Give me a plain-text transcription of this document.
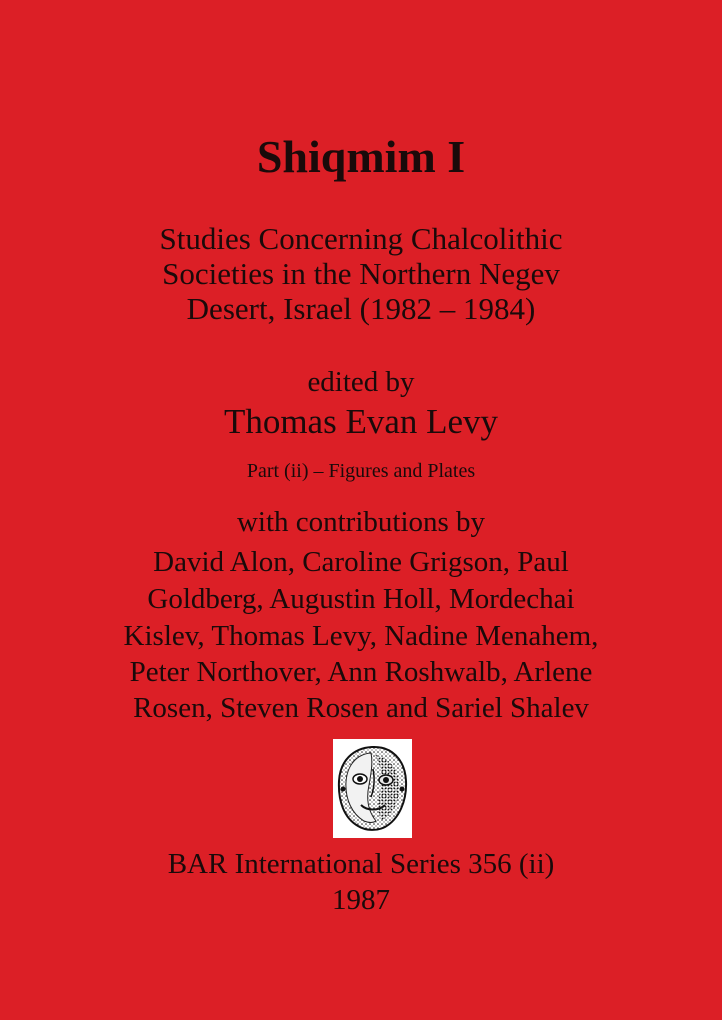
Shiqmim I

Studies Concerning Chalcolithic

Societies in the Northern Negev

Desert, Israel (1982 – 1984)

edited by

Thomas Evan Levy

Part (ii) – Figures and Plates

with contributions by

David Alon, Caroline Grigson, Paul

Goldberg, Augustin Holl, Mordechai

Kislev, Thomas Levy, Nadine Menahem,

Peter Northover, Ann Roshwalb, Arlene

Rosen, Steven Rosen and Sariel Shalev

BAR International Series 356 (ii)

1987
